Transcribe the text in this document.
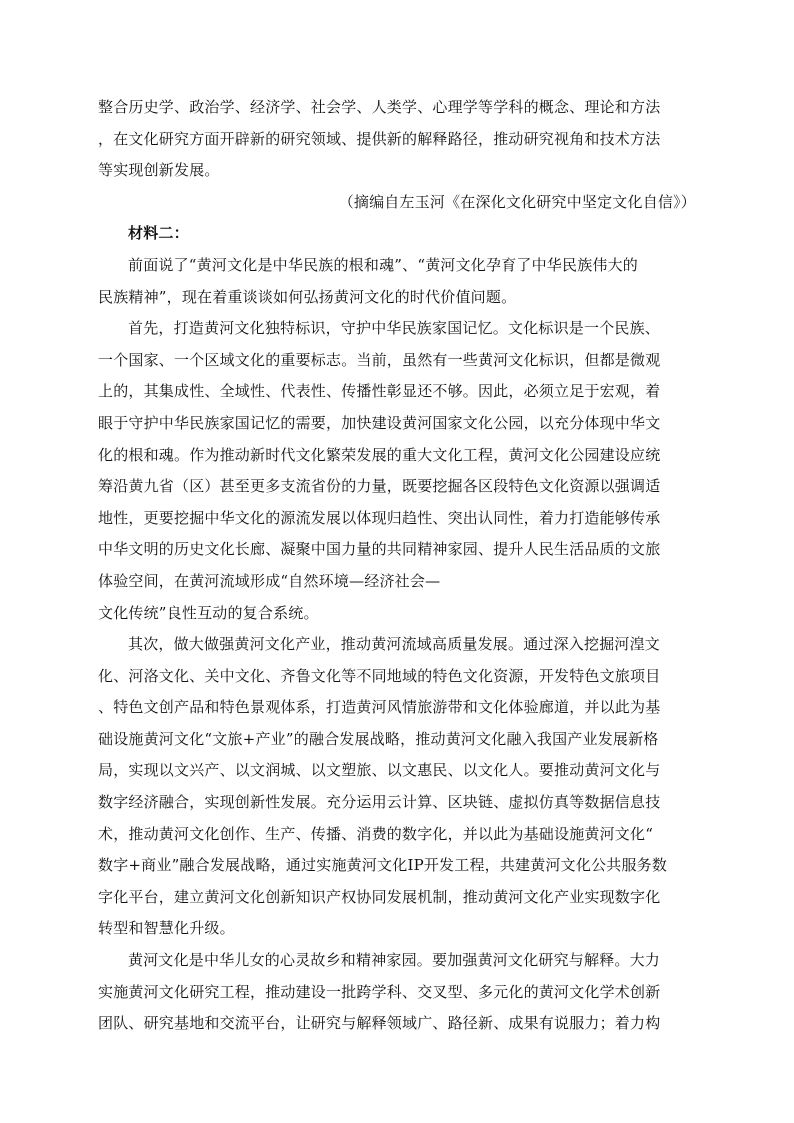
整合历史学、政治学、经济学、社会学、人类学、心理学等学科的概念、理论和方法
，在文化研究方面开辟新的研究领域、提供新的解释路径，推动研究视角和技术方法
等实现创新发展。
（摘编自左玉河《在深化文化研究中坚定文化自信》）
材料二：
前面说了“黄河文化是中华民族的根和魂”、“黄河文化孕育了中华民族伟大的
民族精神”，现在着重谈谈如何弘扬黄河文化的时代价值问题。
首先，打造黄河文化独特标识，守护中华民族家国记忆。文化标识是一个民族、
一个国家、一个区域文化的重要标志。当前，虽然有一些黄河文化标识，但都是微观
上的，其集成性、全域性、代表性、传播性彰显还不够。因此，必须立足于宏观，着
眼于守护中华民族家国记忆的需要，加快建设黄河国家文化公园，以充分体现中华文
化的根和魂。作为推动新时代文化繁荣发展的重大文化工程，黄河文化公园建设应统
筹沿黄九省（区）甚至更多支流省份的力量，既要挖掘各区段特色文化资源以强调适
地性，更要挖掘中华文化的源流发展以体现归趋性、突出认同性，着力打造能够传承
中华文明的历史文化长廊、凝聚中国力量的共同精神家园、提升人民生活品质的文旅
体验空间，在黄河流域形成“自然环境—经济社会—
文化传统”良性互动的复合系统。
其次，做大做强黄河文化产业，推动黄河流域高质量发展。通过深入挖掘河湟文
化、河洛文化、关中文化、齐鲁文化等不同地域的特色文化资源，开发特色文旅项目
、特色文创产品和特色景观体系，打造黄河风情旅游带和文化体验廊道，并以此为基
础设施黄河文化“文旅+产业”的融合发展战略，推动黄河文化融入我国产业发展新格
局，实现以文兴产、以文润城、以文塑旅、以文惠民、以文化人。要推动黄河文化与
数字经济融合，实现创新性发展。充分运用云计算、区块链、虚拟仿真等数据信息技
术，推动黄河文化创作、生产、传播、消费的数字化，并以此为基础设施黄河文化“
数字+商业”融合发展战略，通过实施黄河文化IP开发工程，共建黄河文化公共服务数
字化平台，建立黄河文化创新知识产权协同发展机制，推动黄河文化产业实现数字化
转型和智慧化升级。
黄河文化是中华儿女的心灵故乡和精神家园。要加强黄河文化研究与解释。大力
实施黄河文化研究工程，推动建设一批跨学科、交叉型、多元化的黄河文化学术创新
团队、研究基地和交流平台，让研究与解释领域广、路径新、成果有说服力；着力构
